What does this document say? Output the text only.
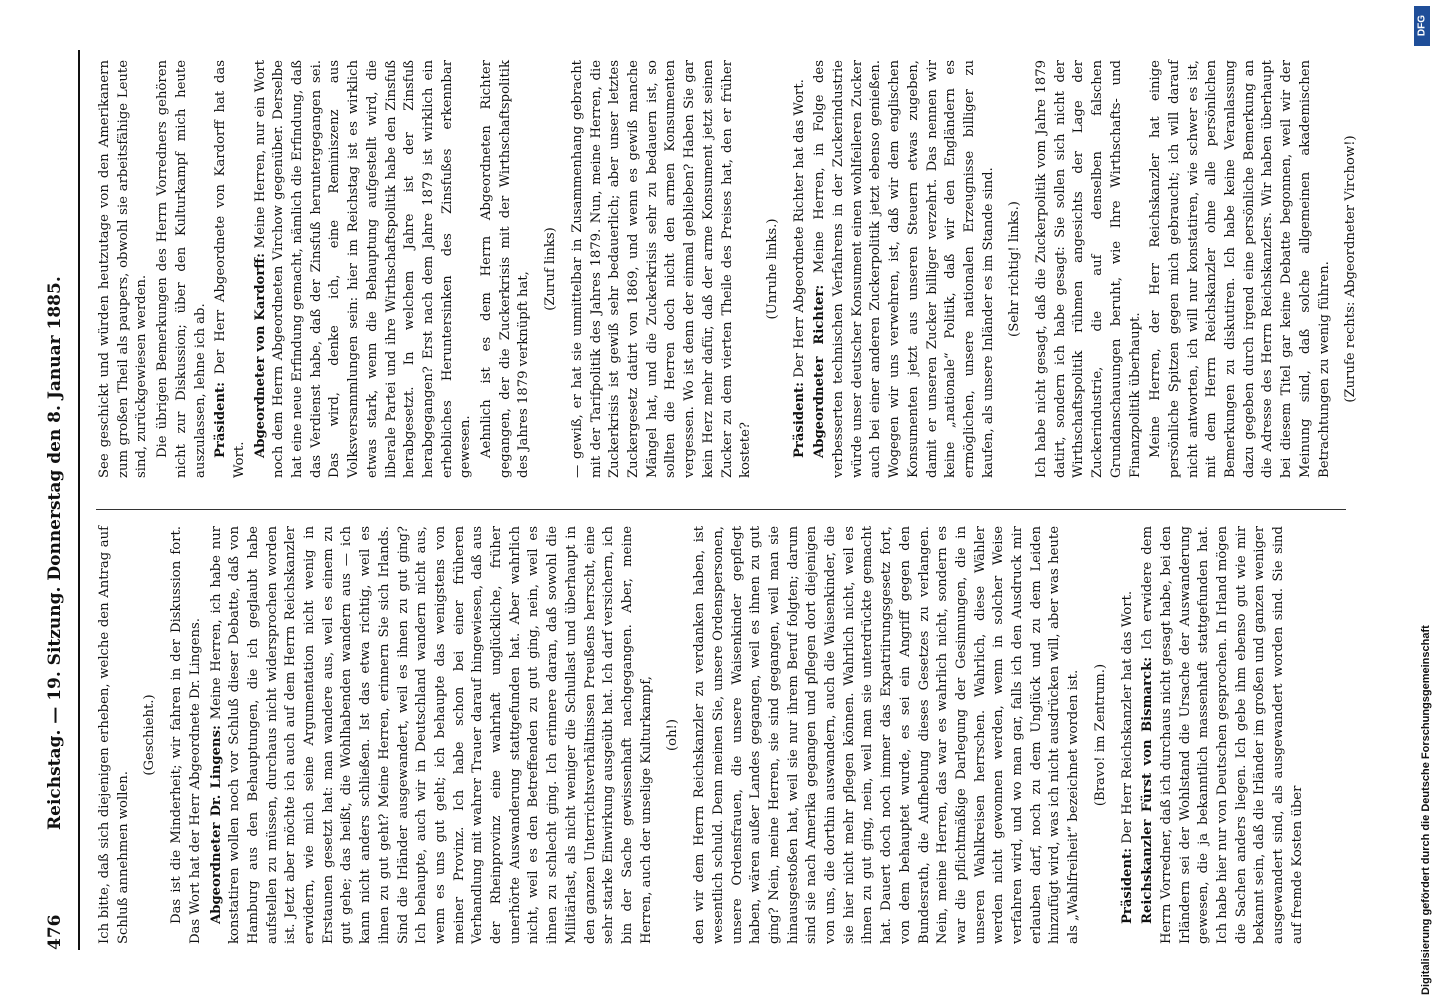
476
Reichstag. — 19. Sitzung. Donnerstag den 8. Januar 1885.	Ich bitte, daß sich diejenigen erheben, welche den Antrag auf Schluß annehmen wollen.

(Geschieht.) Das ist die Minderheit; wir fahren in der Diskussion fort. Das Wort hat der Herr Abgeordnete Dr. Lingens. Abgeordneter Dr. Lingens: Meine Herren, ich habe nur konstatiren wollen noch vor Schluß dieser Debatte, daß von Hamburg aus den Behauptungen, die ich geglaubt habe aufstellen zu müssen, durchaus nicht widersprochen worden ist. Jetzt aber möchte ich auch auf dem Herrn Reichskanzler erwidern, wie mich seine Argumentation nicht wenig in Erstaunen gesetzt hat: man wandere aus, weil es einem zu gut gehe; das heißt, die Wohlhabenden wandern aus — ich kann nicht anders schließen. Ist das etwa richtig, weil es ihnen zu gut geht? Meine Herren, erinnern Sie sich Irlands. Sind die Irländer ausgewandert, weil es ihnen zu gut ging? Ich behaupte, auch wir in Deutschland wandern nicht aus, wenn es uns gut geht; ich behaupte das wenigstens von meiner Provinz. Ich habe schon bei einer früheren Verhandlung mit wahrer Trauer darauf hingewiesen, daß aus der Rheinprovinz eine wahrhaft unglückliche, früher unerhörte Auswanderung stattgefunden hat. Aber wahrlich nicht, weil es den Betreffenden zu gut ging, nein, weil es ihnen zu schlecht ging. Ich erinnere daran, daß sowohl die Militärlast, als nicht weniger die Schullast und überhaupt in den ganzen Unterrichtsverhältnissen Preußens herrscht, eine sehr starke Einwirkung ausgeübt hat. Ich darf versichern, ich bin der Sache gewissenhaft nachgegangen. Aber, meine Herren, auch der unselige Kulturkampf, (oh!) den wir dem Herrn Reichskanzler zu verdanken haben, ist wesentlich schuld. Denn meinen Sie, unsere Ordenspersonen, unsere Ordensfrauen, die unsere Waisenkinder gepflegt haben, wären außer Landes gegangen, weil es ihnen zu gut ging? Nein, meine Herren, sie sind gegangen, weil man sie hinausgestoßen hat, weil sie nur ihrem Beruf folgten; darum sind sie nach Amerika gegangen und pflegen dort diejenigen von uns, die dorthin auswandern, auch die Waisenkinder, die sie hier nicht mehr pflegen können. Wahrlich nicht, weil es ihnen zu gut ging, nein, weil man sie unterdrückte gemacht hat. Dauert doch noch immer das Expatriirungsgesetz fort, von dem behauptet wurde, es sei ein Angriff gegen den Bundesrath, die Aufhebung dieses Gesetzes zu verlangen. Nein, meine Herren, das war es wahrlich nicht, sondern es war die pflichtmäßige Darlegung der Gesinnungen, die in unseren Wahlkreisen herrschen. Wahrlich, diese Wähler werden nicht gewonnen werden, wenn in solcher Weise verfahren wird, und wo man gar, falls ich den Ausdruck mir erlauben darf, noch zu dem Unglück und zu dem Leiden hinzufügt wird, was ich nicht ausdrücken will, aber was heute als „Wahlfreiheit“ bezeichnet worden ist. (Bravo! im Zentrum.)

Präsident: Der Herr Reichskanzler hat das Wort. Reichskanzler Fürst von Bismarck: Ich erwidere dem Herrn Vorredner, daß ich durchaus nicht gesagt habe, bei den Irländern sei der Wohlstand die Ursache der Auswanderung gewesen, die ja bekanntlich massenhaft stattgefunden hat. Ich habe hier nur von Deutschen gesprochen. In Irland mögen die Sachen anders liegen. Ich gebe ihm ebenso gut wie mir bekannt sein, daß die Irländer im großen und ganzen weniger ausgewandert sind, als ausgewandert worden sind. Sie sind auf fremde Kosten über

See geschickt und würden heutzutage von den Amerikanern zum großen Theil als paupers, obwohl sie arbeitsfähige Leute sind, zurückgewiesen werden. Die übrigen Bemerkungen des Herrn Vorredners gehören nicht zur Diskussion; über den Kulturkampf mich heute auszulassen, lehne ich ab. Präsident: Der Herr Abgeordnete von Kardorff hat das Wort.

Abgeordneter von Kardorff: Meine Herren, nur ein Wort noch dem Herrn Abgeordneten Virchow gegenüber. Derselbe hat eine neue Erfindung gemacht, nämlich die Erfindung, daß das Verdienst habe, daß der Zinsfuß heruntergegangen sei. Das wird, denke ich, eine Reminiszenz aus Volksversammlungen sein: hier im Reichstag ist es wirklich etwas stark, wenn die Behauptung aufgestellt wird, die liberale Partei und ihre Wirthschaftspolitik habe den Zinsfuß herabgesetzt. In welchem Jahre ist der Zinsfuß herabgegangen? Erst nach dem Jahre 1879 ist wirklich ein erhebliches Heruntersinken des Zinsfußes erkennbar gewesen. Aehnlich ist es dem Herrn Abgeordneten Richter gegangen, der die Zuckerkrisis mit der Wirthschaftspolitik des Jahres 1879 verknüpft hat,

(Zuruf links) — gewiß, er hat sie unmittelbar in Zusammenhang gebracht mit der Tarifpolitik des Jahres 1879. Nun, meine Herren, die Zuckerkrisis ist gewiß sehr bedauerlich; aber unser letztes Zuckergesetz datirt von 1869, und wenn es gewiß manche Mängel hat, und die Zuckerkrisis sehr zu bedauern ist, so sollten die Herren doch nicht den armen Konsumenten vergessen. Wo ist denn der einmal geblieben? Haben Sie gar kein Herz mehr dafür, daß der arme Konsument jetzt seinen Zucker zu dem vierten Theile des Preises hat, den er früher kostete?

(Unruhe links.)

Präsident: Der Herr Abgeordnete Richter hat das Wort. Abgeordneter Richter: Meine Herren, in Folge des verbesserten technischen Verfahrens in der Zuckerindustrie würde unser deutscher Konsument einen wohlfeileren Zucker auch bei einer anderen Zuckerpolitik jetzt ebenso genießen. Wogegen wir uns verwehren, ist, daß wir dem englischen Konsumenten jetzt aus unseren Steuern etwas zugeben, damit er unseren Zucker billiger verzehrt. Das nennen wir keine „nationale“ Politik, daß wir den Engländern es ermöglichen, unsere nationalen Erzeugnisse billiger zu kaufen, als unsere Inländer es im Stande sind. (Sehr richtig! links.) Ich habe nicht gesagt, daß die Zuckerpolitik vom Jahre 1879 datirt, sondern ich habe gesagt: Sie sollen sich nicht der Wirthschaftspolitik rühmen angesichts der Lage der Zuckerindustrie, die auf denselben falschen Grundanschauungen beruht, wie Ihre Wirthschafts- und Finanzpolitik überhaupt. Meine Herren, der Herr Reichskanzler hat einige persönliche Spitzen gegen mich gebraucht; ich will darauf nicht antworten, ich will nur konstatiren, wie schwer es ist, mit dem Herrn Reichskanzler ohne alle persönlichen Bemerkungen zu diskutiren. Ich habe keine Veranlassung dazu gegeben durch irgend eine persönliche Bemerkung an die Adresse des Herrn Reichskanzlers. Wir haben überhaupt bei diesem Titel gar keine Debatte begonnen, weil wir der Meinung sind, daß solche allgemeinen akademischen Betrachtungen zu wenig führen. (Zurufe rechts: Abgeordneter Virchow!)

DFG
Digitalisierung gefördert durch die Deutsche Forschungsgemeinschaft
